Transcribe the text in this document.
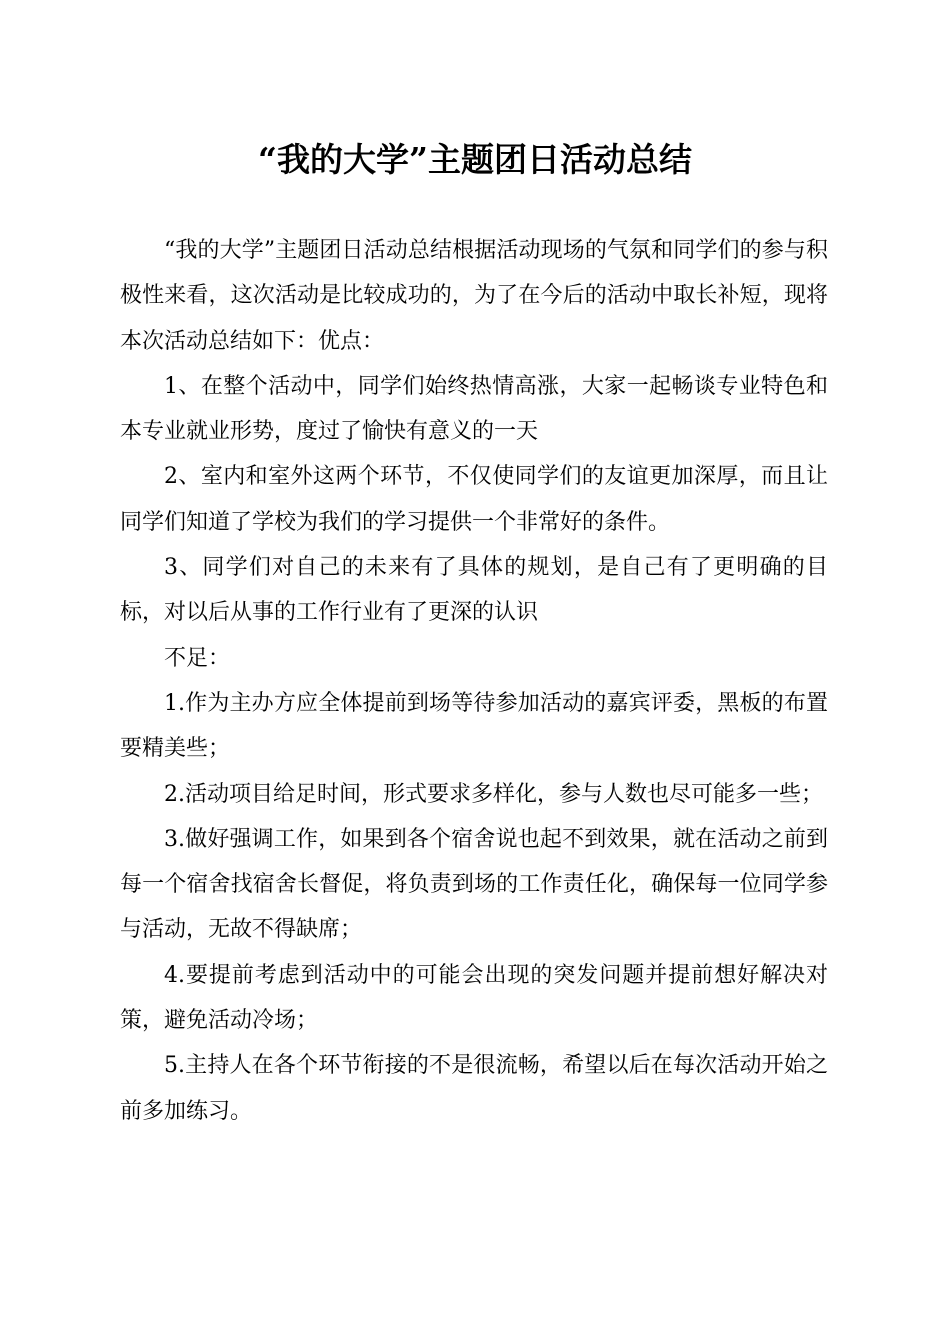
“我的大学”主题团日活动总结

“我的大学”主题团日活动总结根据活动现场的气氛和同学们的参与积极性来看，这次活动是比较成功的，为了在今后的活动中取长补短，现将本次活动总结如下：优点：

1、在整个活动中，同学们始终热情高涨，大家一起畅谈专业特色和本专业就业形势，度过了愉快有意义的一天

2、室内和室外这两个环节，不仅使同学们的友谊更加深厚，而且让同学们知道了学校为我们的学习提供一个非常好的条件。

3、同学们对自己的未来有了具体的规划，是自己有了更明确的目标，对以后从事的工作行业有了更深的认识

不足：

1.作为主办方应全体提前到场等待参加活动的嘉宾评委，黑板的布置要精美些；

2.活动项目给足时间，形式要求多样化，参与人数也尽可能多一些；

3.做好强调工作，如果到各个宿舍说也起不到效果，就在活动之前到每一个宿舍找宿舍长督促，将负责到场的工作责任化，确保每一位同学参与活动，无故不得缺席；

4.要提前考虑到活动中的可能会出现的突发问题并提前想好解决对策，避免活动冷场；

5.主持人在各个环节衔接的不是很流畅，希望以后在每次活动开始之前多加练习。
